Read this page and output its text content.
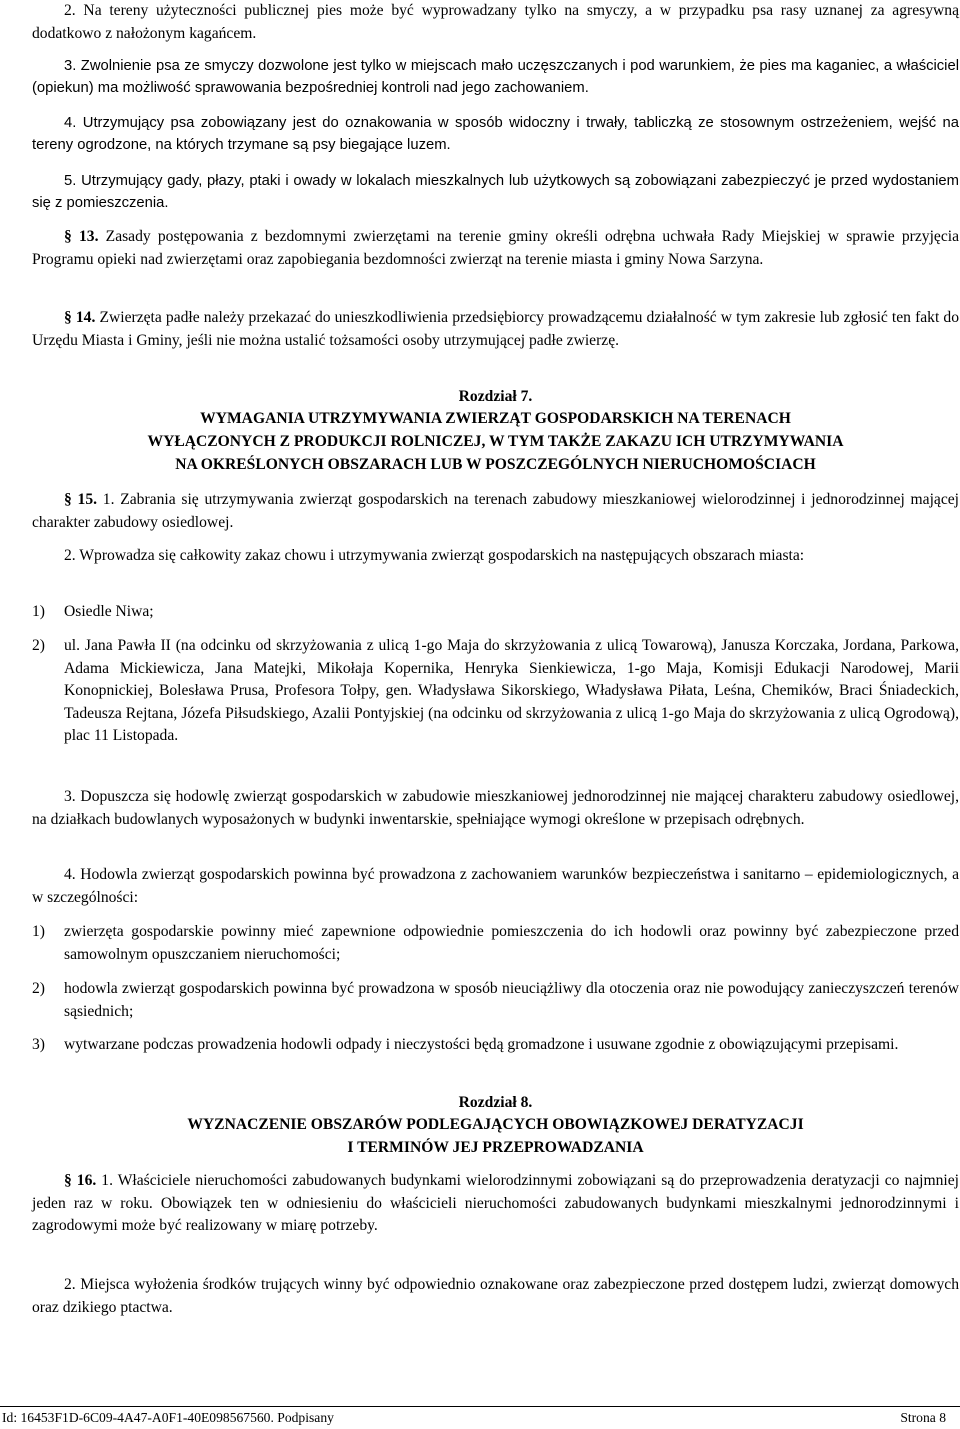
2. Na tereny użyteczności publicznej pies może być wyprowadzany tylko na smyczy, a w przypadku psa rasy uznanej za agresywną dodatkowo z nałożonym kagańcem.

3. Zwolnienie psa ze smyczy dozwolone jest tylko w miejscach mało uczęszczanych i pod warunkiem, że pies ma kaganiec, a właściciel (opiekun) ma możliwość sprawowania bezpośredniej kontroli nad jego zachowaniem.

4. Utrzymujący psa zobowiązany jest do oznakowania w sposób widoczny i trwały, tabliczką ze stosownym ostrzeżeniem, wejść na tereny ogrodzone, na których trzymane są psy biegające luzem.

5. Utrzymujący gady, płazy, ptaki i owady w lokalach mieszkalnych lub użytkowych są zobowiązani zabezpieczyć je przed wydostaniem się z pomieszczenia.

§ 13. Zasady postępowania z bezdomnymi zwierzętami na terenie gminy określi odrębna uchwała Rady Miejskiej w sprawie przyjęcia Programu opieki nad zwierzętami oraz zapobiegania bezdomności zwierząt na terenie miasta i gminy Nowa Sarzyna.

§ 14. Zwierzęta padłe należy przekazać do unieszkodliwienia przedsiębiorcy prowadzącemu działalność w tym zakresie lub zgłosić ten fakt do Urzędu Miasta i Gminy, jeśli nie można ustalić tożsamości osoby utrzymującej padłe zwierzę.

Rozdział 7.

WYMAGANIA UTRZYMYWANIA ZWIERZĄT GOSPODARSKICH NA TERENACH

WYŁĄCZONYCH Z PRODUKCJI ROLNICZEJ, W TYM TAKŻE ZAKAZU ICH UTRZYMYWANIA

NA OKREŚLONYCH OBSZARACH LUB W POSZCZEGÓLNYCH NIERUCHOMOŚCIACH

§ 15. 1. Zabrania się utrzymywania zwierząt gospodarskich na terenach zabudowy mieszkaniowej wielorodzinnej i jednorodzinnej mającej charakter zabudowy osiedlowej.

2. Wprowadza się całkowity zakaz chowu i utrzymywania zwierząt gospodarskich na następujących obszarach miasta:

1)	Osiedle Niwa;
2)	ul. Jana Pawła II (na odcinku od skrzyżowania z ulicą 1-go Maja do skrzyżowania z ulicą Towarową), Janusza Korczaka, Jordana, Parkowa, Adama Mickiewicza, Jana Matejki, Mikołaja Kopernika, Henryka Sienkiewicza, 1-go Maja, Komisji Edukacji Narodowej, Marii Konopnickiej, Bolesława Prusa, Profesora Tołpy, gen. Władysława Sikorskiego, Władysława Piłata, Leśna, Chemików, Braci Śniadeckich, Tadeusza Rejtana, Józefa Piłsudskiego, Azalii Pontyjskiej (na odcinku od skrzyżowania z ulicą 1-go Maja do skrzyżowania z ulicą Ogrodową), plac 11 Listopada.

3. Dopuszcza się hodowlę zwierząt gospodarskich w zabudowie mieszkaniowej jednorodzinnej nie mającej charakteru zabudowy osiedlowej, na działkach budowlanych wyposażonych w budynki inwentarskie, spełniające wymogi określone w przepisach odrębnych.

4. Hodowla zwierząt gospodarskich powinna być prowadzona z zachowaniem warunków bezpieczeństwa i sanitarno – epidemiologicznych, a w szczególności:

1)	zwierzęta gospodarskie powinny mieć zapewnione odpowiednie pomieszczenia do ich hodowli oraz powinny być zabezpieczone przed samowolnym opuszczaniem nieruchomości;
2)	hodowla zwierząt gospodarskich powinna być prowadzona w sposób nieuciążliwy dla otoczenia oraz nie powodujący zanieczyszczeń terenów sąsiednich;
3)	wytwarzane podczas prowadzenia hodowli odpady i nieczystości będą gromadzone i usuwane zgodnie z obowiązującymi przepisami.

Rozdział 8.

WYZNACZENIE OBSZARÓW PODLEGAJĄCYCH OBOWIĄZKOWEJ DERATYZACJI

I TERMINÓW JEJ PRZEPROWADZANIA

§ 16. 1. Właściciele nieruchomości zabudowanych budynkami wielorodzinnymi zobowiązani są do przeprowadzenia deratyzacji co najmniej jeden raz w roku. Obowiązek ten w odniesieniu do właścicieli nieruchomości zabudowanych budynkami mieszkalnymi jednorodzinnymi i zagrodowymi może być realizowany w miarę potrzeby.

2. Miejsca wyłożenia środków trujących winny być odpowiednio oznakowane oraz zabezpieczone przed dostępem ludzi, zwierząt domowych oraz dzikiego ptactwa.

Id: 16453F1D-6C09-4A47-A0F1-40E098567560. Podpisany	Strona 8
